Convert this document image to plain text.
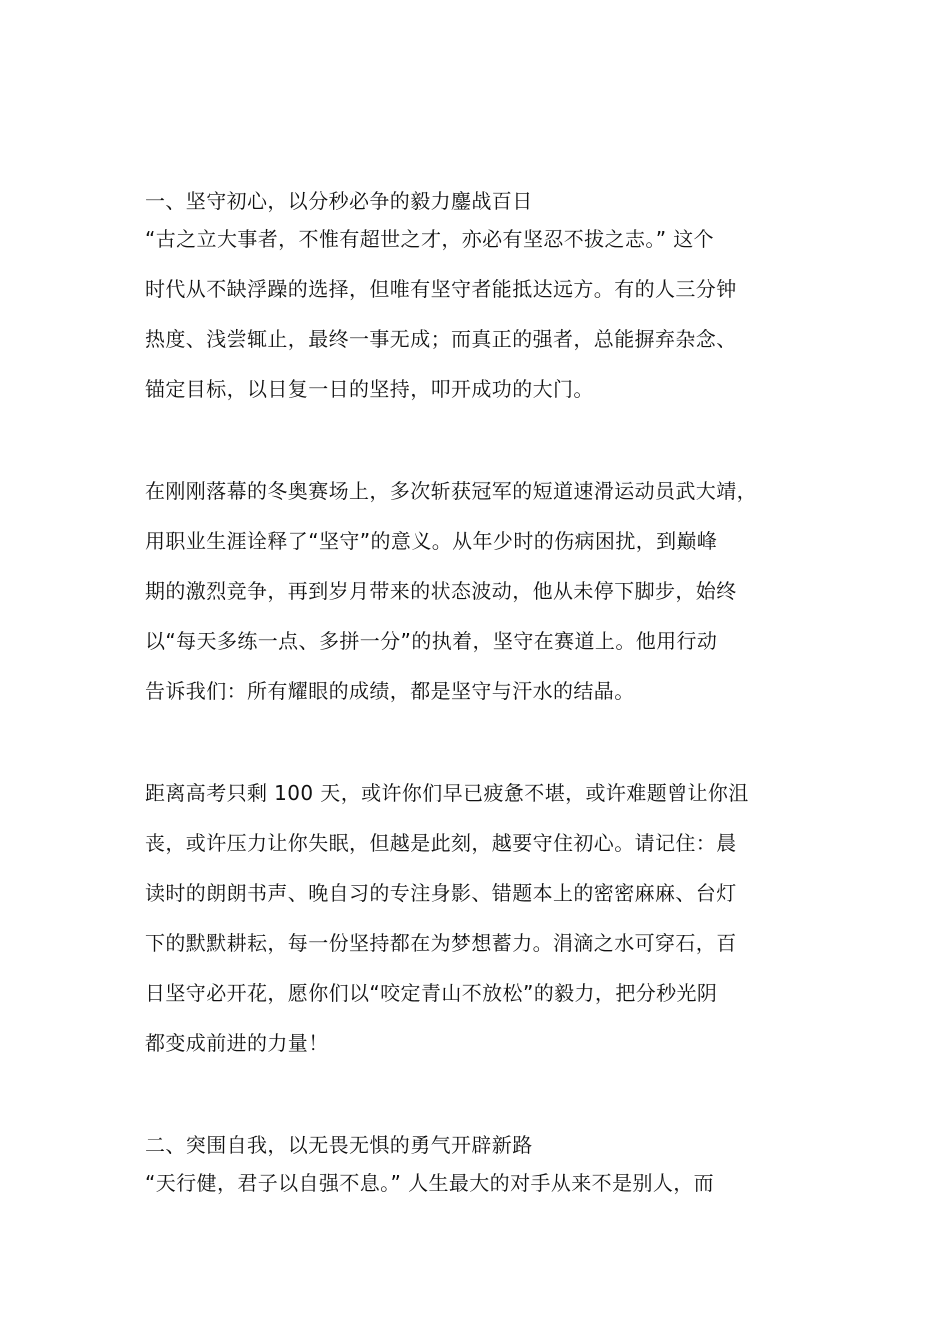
一、坚守初心，以分秒必争的毅力鏖战百日
“古之立大事者，不惟有超世之才，亦必有坚忍不拔之志。” 这个
时代从不缺浮躁的选择，但唯有坚守者能抵达远方。有的人三分钟
热度、浅尝辄止，最终一事无成；而真正的强者，总能摒弃杂念、
锚定目标，以日复一日的坚持，叩开成功的大门。
在刚刚落幕的冬奥赛场上，多次斩获冠军的短道速滑运动员武大靖，
用职业生涯诠释了“坚守”的意义。从年少时的伤病困扰，到巅峰
期的激烈竞争，再到岁月带来的状态波动，他从未停下脚步，始终
以“每天多练一点、多拼一分”的执着，坚守在赛道上。他用行动
告诉我们：所有耀眼的成绩，都是坚守与汗水的结晶。
距离高考只剩 100 天，或许你们早已疲惫不堪，或许难题曾让你沮
丧，或许压力让你失眠，但越是此刻，越要守住初心。请记住：晨
读时的朗朗书声、晚自习的专注身影、错题本上的密密麻麻、台灯
下的默默耕耘，每一份坚持都在为梦想蓄力。涓滴之水可穿石，百
日坚守必开花，愿你们以“咬定青山不放松”的毅力，把分秒光阴
都变成前进的力量！
二、突围自我，以无畏无惧的勇气开辟新路
“天行健，君子以自强不息。” 人生最大的对手从来不是别人，而
